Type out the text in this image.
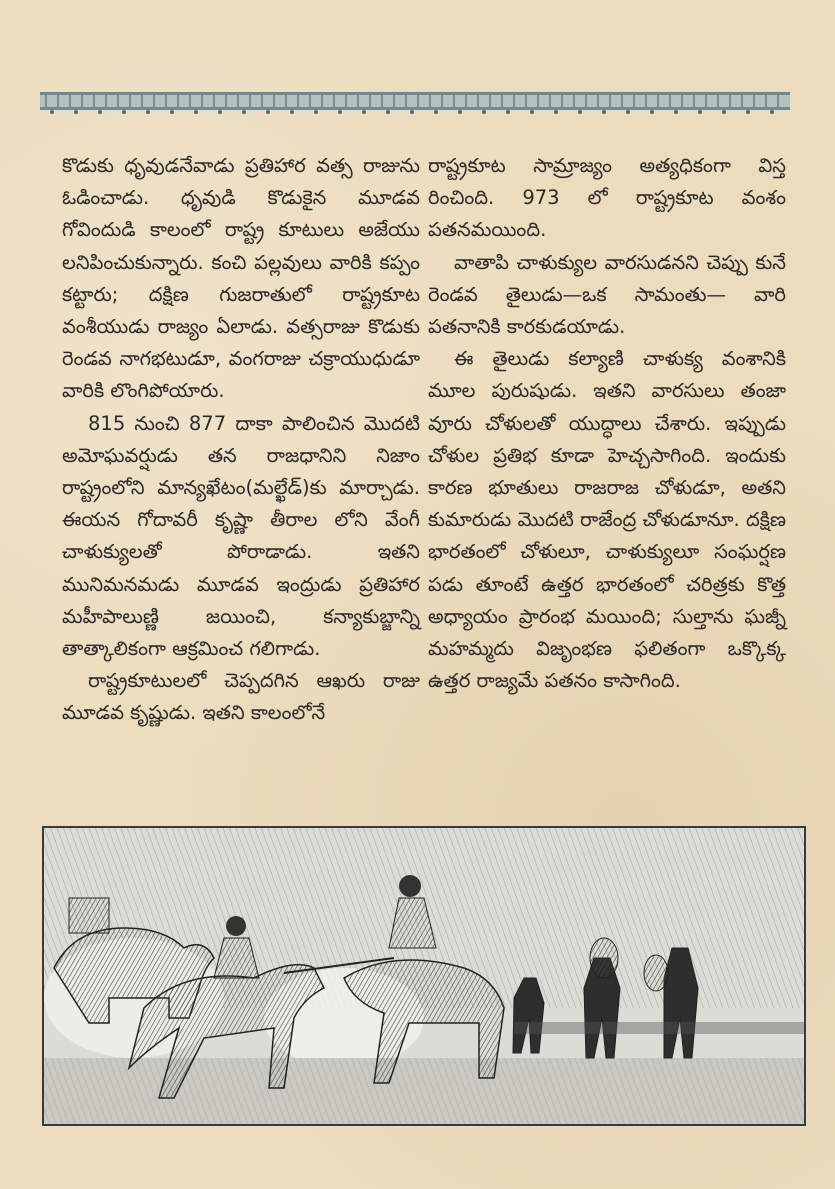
కొడుకు ధృవుడనేవాడు ప్రతిహార వత్స రాజును ఓడించాడు. ధృవుడి కొడుకైన మూడవ గోవిందుడి కాలంలో రాష్ట్ర కూటులు అజేయు లనిపించుకున్నారు. కంచి పల్లవులు వారికి కప్పం కట్టారు; దక్షిణ గుజరాతులో రాష్ట్రకూట వంశీయుడు రాజ్యం ఏలాడు. వత్సరాజు కొడుకు రెండవ నాగభటుడూ, వంగరాజు చక్రాయుధుడూ వారికి లొంగిపోయారు.

815 నుంచి 877 దాకా పాలించిన మొదటి అమోఘవర్షుడు తన రాజధానిని నిజాం రాష్ట్రంలోని మాన్యఖేటం(మల్ఖేడ్)కు మార్చాడు. ఈయన గోదావరీ కృష్ణా తీరాల లోని వేంగీ చాళుక్యులతో పోరాడాడు. ఇతని మునిమనమడు మూడవ ఇంద్రుడు ప్రతిహార మహీపాలుణ్ణి జయించి, కన్యాకుబ్జాన్ని తాత్కాలికంగా ఆక్రమించ గలిగాడు.

రాష్ట్రకూటులలో చెప్పదగిన ఆఖరు రాజు మూడవ కృష్ణుడు. ఇతని కాలంలోనే

రాష్ట్రకూట సామ్రాజ్యం అత్యధికంగా విస్త రించింది. 973 లో రాష్ట్రకూట వంశం పతనమయింది.

వాతాపి చాళుక్యుల వారసుడనని చెప్పు కునే రెండవ తైలుడు—ఒక సామంతు— వారి పతనానికి కారకుడయాడు.

ఈ తైలుడు కల్యాణి చాళుక్య వంశానికి మూల పురుషుడు. ఇతని వారసులు తంజా వూరు చోళులతో యుద్ధాలు చేశారు. ఇప్పుడు చోళుల ప్రతిభ కూడా హెచ్చసాగింది. ఇందుకు కారణ భూతులు రాజరాజ చోళుడూ, అతని కుమారుడు మొదటి రాజేంద్ర చోళుడూనూ. దక్షిణ భారతంలో చోళులూ, చాళుక్యులూ సంఘర్షణ పడు తూంటే ఉత్తర భారతంలో చరిత్రకు కొత్త అధ్యాయం ప్రారంభ మయింది; సుల్తాను ఘజ్నీ మహమ్మదు విజృంభణ ఫలితంగా ఒక్కొక్క ఉత్తర రాజ్యమే పతనం కాసాగింది.
